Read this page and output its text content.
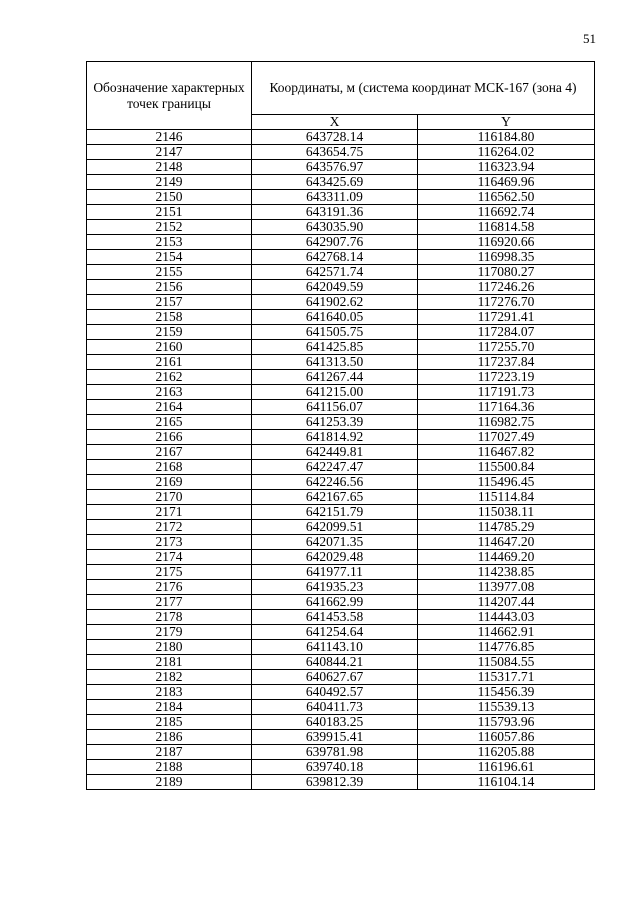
51
Обозначение характерных точек границы	Координаты, м (система координат МСК-167 (зона 4)	
	X	Y
2146	643728.14	116184.80
2147	643654.75	116264.02
2148	643576.97	116323.94
2149	643425.69	116469.96
2150	643311.09	116562.50
2151	643191.36	116692.74
2152	643035.90	116814.58
2153	642907.76	116920.66
2154	642768.14	116998.35
2155	642571.74	117080.27
2156	642049.59	117246.26
2157	641902.62	117276.70
2158	641640.05	117291.41
2159	641505.75	117284.07
2160	641425.85	117255.70
2161	641313.50	117237.84
2162	641267.44	117223.19
2163	641215.00	117191.73
2164	641156.07	117164.36
2165	641253.39	116982.75
2166	641814.92	117027.49
2167	642449.81	116467.82
2168	642247.47	115500.84
2169	642246.56	115496.45
2170	642167.65	115114.84
2171	642151.79	115038.11
2172	642099.51	114785.29
2173	642071.35	114647.20
2174	642029.48	114469.20
2175	641977.11	114238.85
2176	641935.23	113977.08
2177	641662.99	114207.44
2178	641453.58	114443.03
2179	641254.64	114662.91
2180	641143.10	114776.85
2181	640844.21	115084.55
2182	640627.67	115317.71
2183	640492.57	115456.39
2184	640411.73	115539.13
2185	640183.25	115793.96
2186	639915.41	116057.86
2187	639781.98	116205.88
2188	639740.18	116196.61
2189	639812.39	116104.14
